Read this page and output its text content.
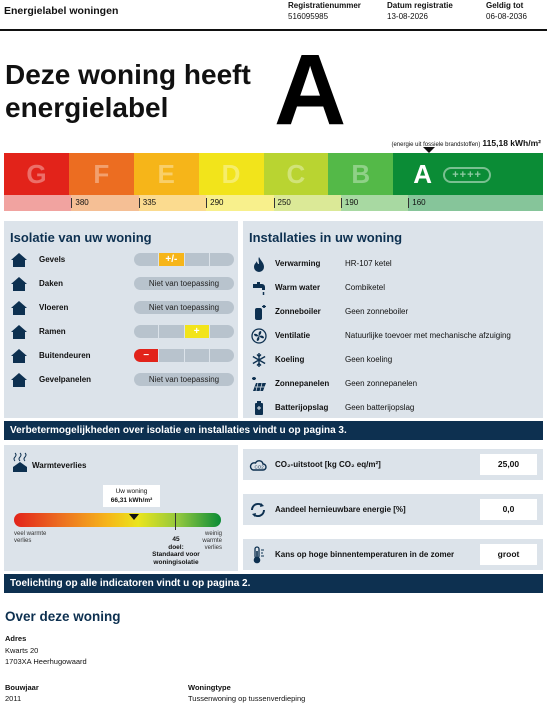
Energielabel woningen	Registratienummer
516095985
Datum registratie
13-08-2026
Geldig tot
06-08-2036
Deze woning heeft energielabel	A	(energie uit fossiele brandstoffen) 115,18 kWh/m²
G F E D C B A	++++
380	335	290	250	190	160
Isolatie van uw woning
Gevels	+/-
Daken	Niet van toepassing
Vloeren	Niet van toepassing
Ramen	+
Buitendeuren	−
Gevelpanelen	Niet van toepassing
Installaties in uw woning
Verwarming	HR-107 ketel
Warm water	Combiketel
Zonneboiler	Geen zonneboiler
Ventilatie	Natuurlijke toevoer met mechanische afzuiging
Koeling	Geen koeling
Zonnepanelen Geen zonnepanelen
Batterijopslag Geen batterijopslag
Verbetermogelijkheden over isolatie en installaties vindt u op pagina 3.
Warmteverlies
Uw woning
66,31 kWh/m²
veel warmte verlies
weinig warmte verlies
45
doel:
Standaard voor woningisolatie
CO2 CO₂-uitstoot [kg CO₂ eq/m²]	25,00
Aandeel hernieuwbare energie [%]	0,0
Kans op hoge binnentemperaturen in de zomer	groot
Toelichting op alle indicatoren vindt u op pagina 2.
Over deze woning
Adres
Kwarts 20
1703XA Heerhugowaard
Bouwjaar
2011
Woningtype
Tussenwoning op tussenverdieping
